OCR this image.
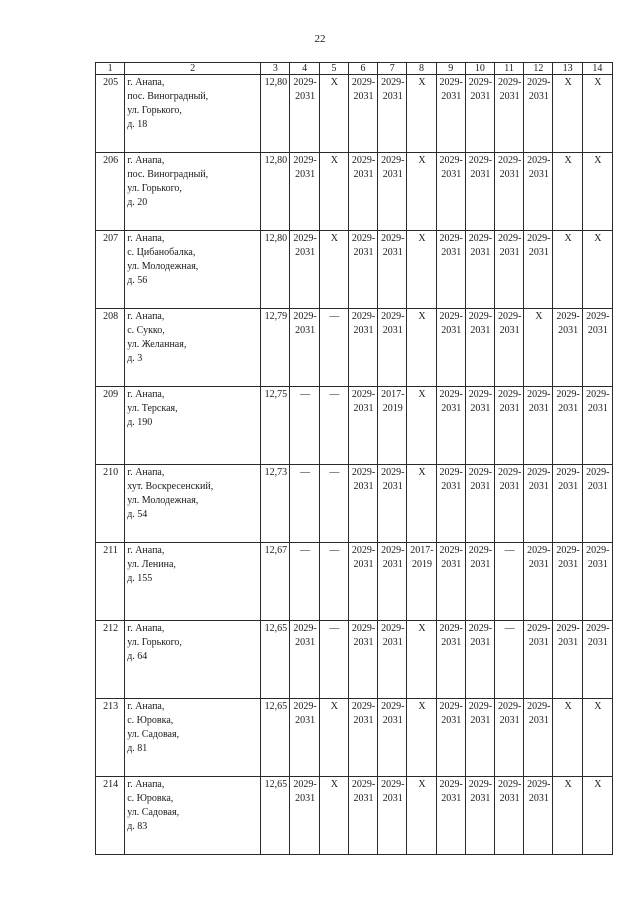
22
1	2	3	4	5	6	7	8	9	10	11	12	13	14
205	г. Анапа,
пос. Виноградный,
ул. Горького,
д. 18	12,80	2029-2031	X	2029-2031	2029-2031	X	2029-2031	2029-2031	2029-2031	2029-2031	X	X
206	г. Анапа,
пос. Виноградный,
ул. Горького,
д. 20	12,80	2029-2031	X	2029-2031	2029-2031	X	2029-2031	2029-2031	2029-2031	2029-2031	X	X
207	г. Анапа,
с. Цибанобалка,
ул. Молодежная,
д. 56	12,80	2029-2031	X	2029-2031	2029-2031	X	2029-2031	2029-2031	2029-2031	2029-2031	X	X
208	г. Анапа,
с. Сукко,
ул. Желанная,
д. 3	12,79	2029-2031	—	2029-2031	2029-2031	X	2029-2031	2029-2031	2029-2031	X	2029-2031	2029-2031
209	г. Анапа,
ул. Терская,
д. 190	12,75	—	—	2029-2031	2017-2019	X	2029-2031	2029-2031	2029-2031	2029-2031	2029-2031	2029-2031
210	г. Анапа,
хут. Воскресенский,
ул. Молодежная,
д. 54	12,73	—	—	2029-2031	2029-2031	X	2029-2031	2029-2031	2029-2031	2029-2031	2029-2031	2029-2031
211	г. Анапа,
ул. Ленина,
д. 155	12,67	—	—	2029-2031	2029-2031	2017-2019	2029-2031	2029-2031	—	2029-2031	2029-2031	2029-2031
212	г. Анапа,
ул. Горького,
д. 64	12,65	2029-2031	—	2029-2031	2029-2031	X	2029-2031	2029-2031	—	2029-2031	2029-2031	2029-2031
213	г. Анапа,
с. Юровка,
ул. Садовая,
д. 81	12,65	2029-2031	X	2029-2031	2029-2031	X	2029-2031	2029-2031	2029-2031	2029-2031	X	X
214	г. Анапа,
с. Юровка,
ул. Садовая,
д. 83	12,65	2029-2031	X	2029-2031	2029-2031	X	2029-2031	2029-2031	2029-2031	2029-2031	X	X
